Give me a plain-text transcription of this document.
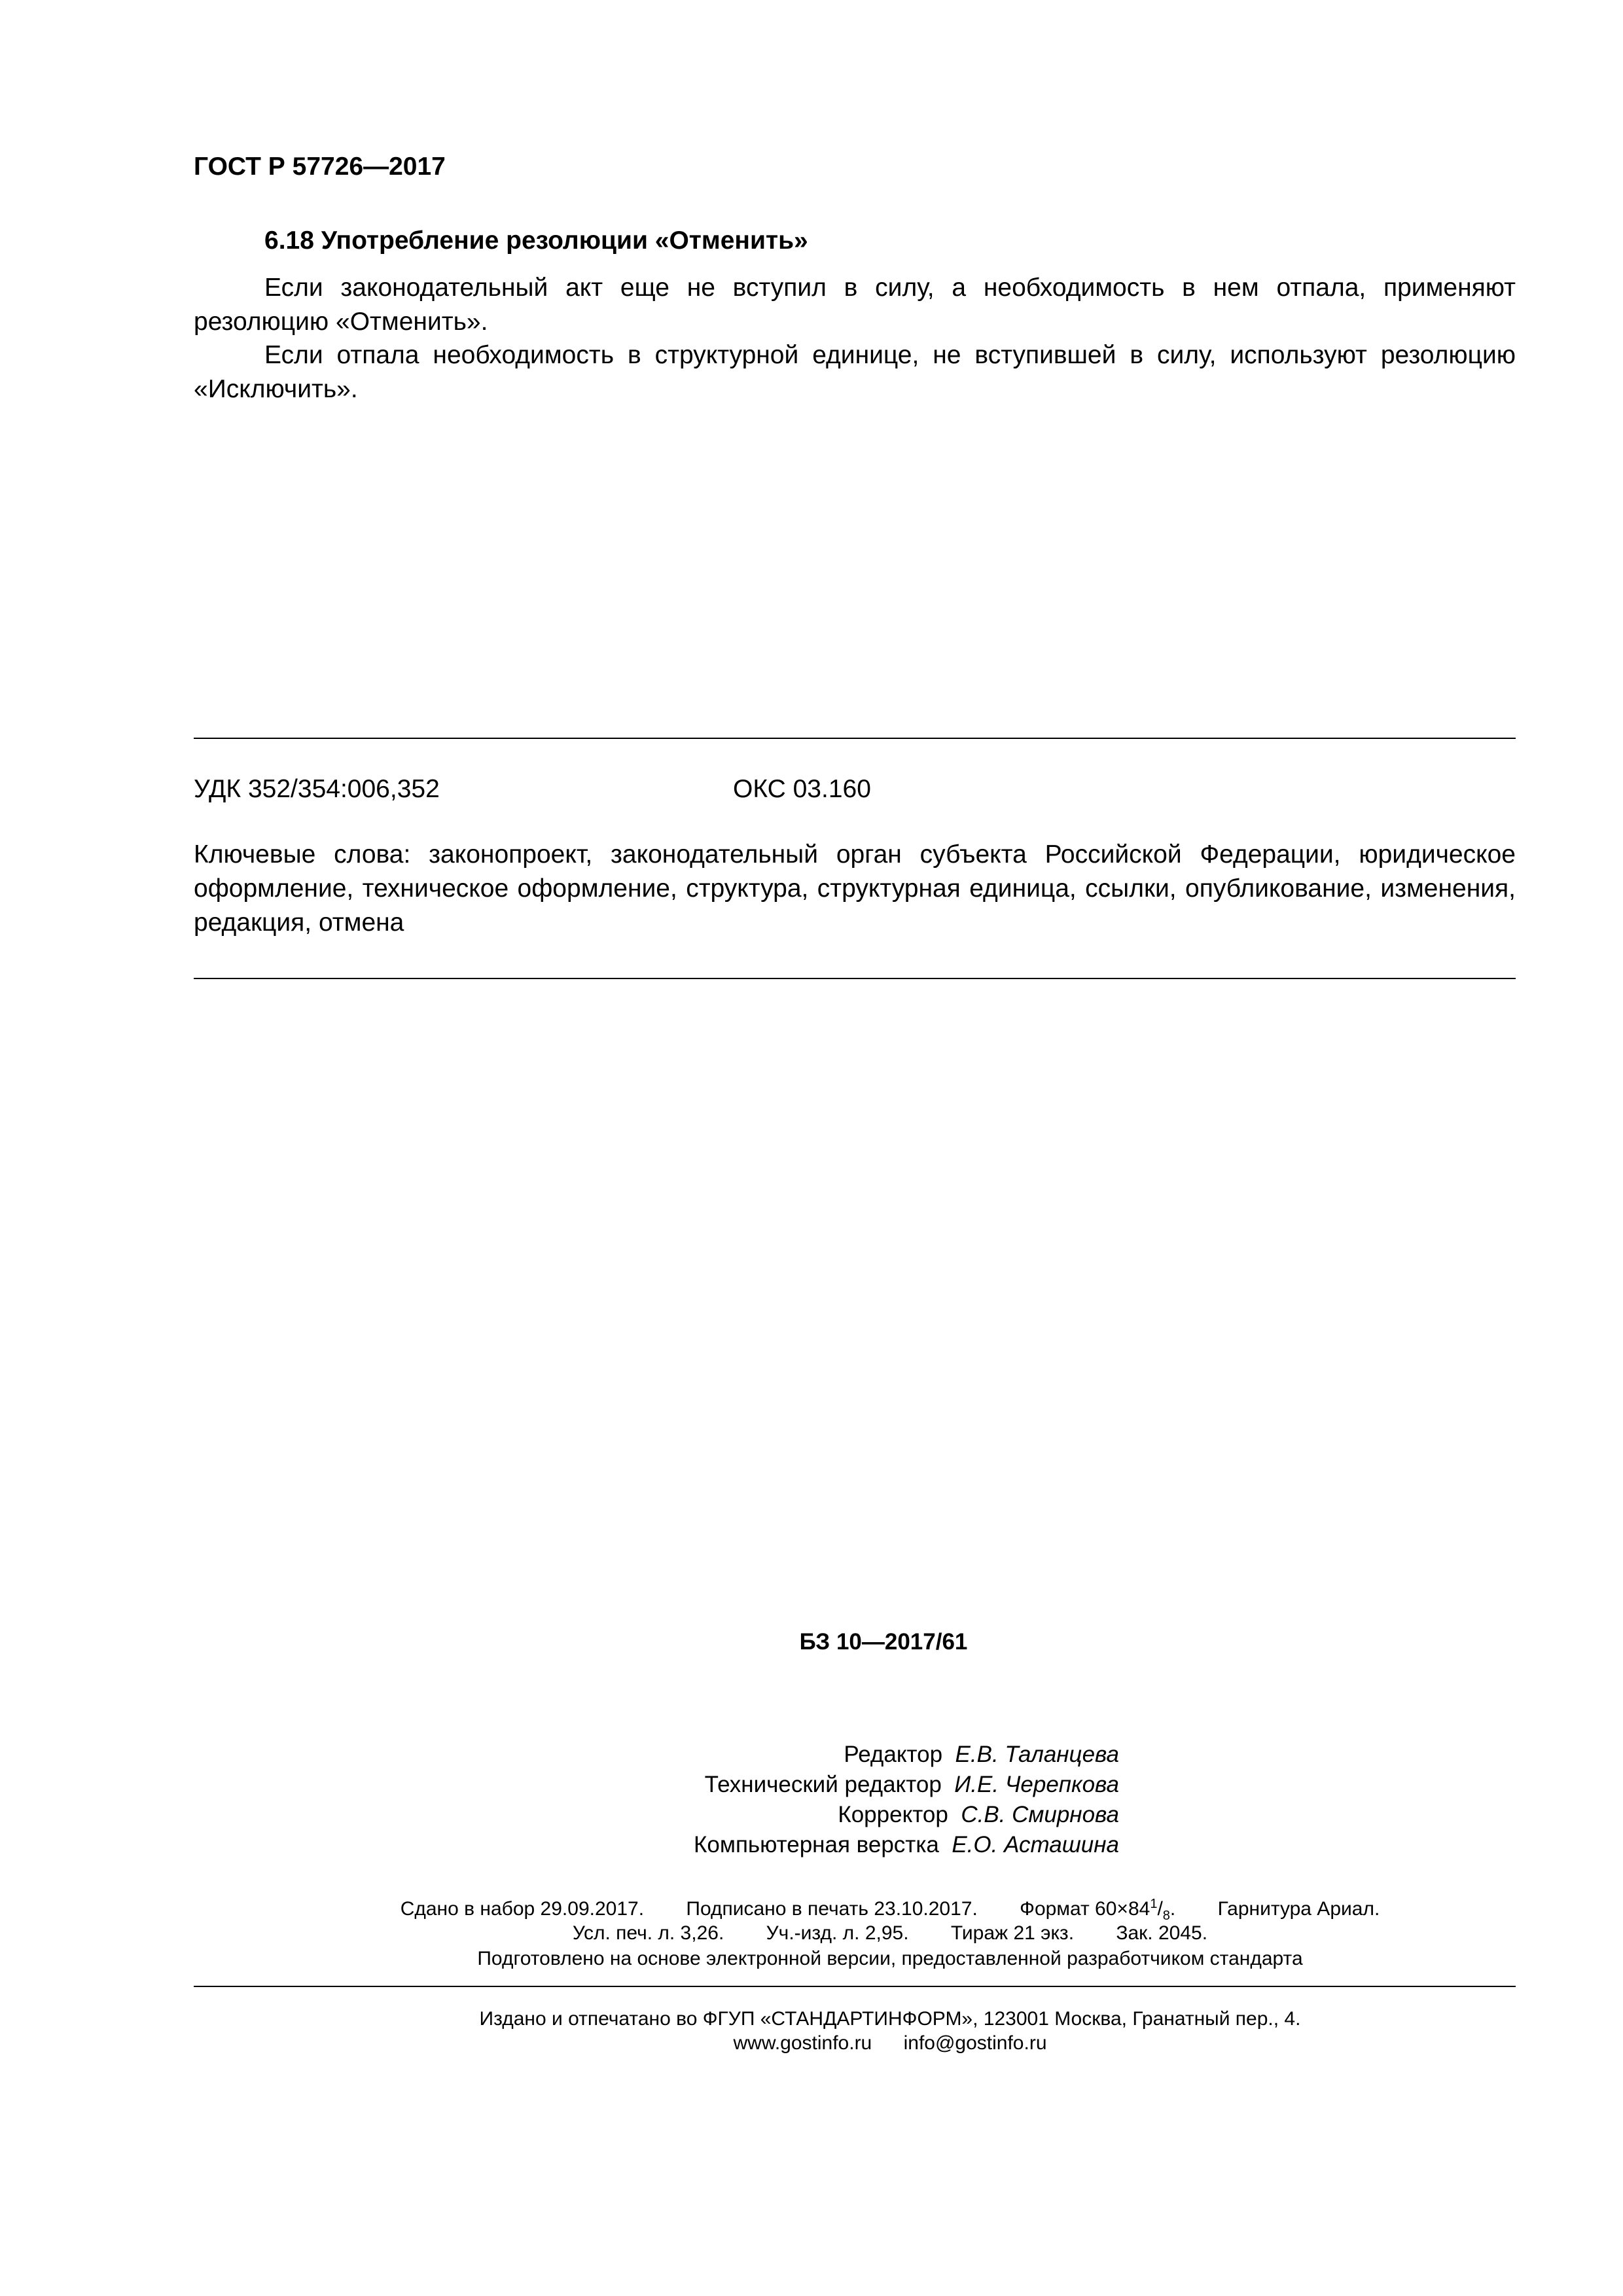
ГОСТ Р 57726—2017
6.18 Употребление резолюции «Отменить»
Если законодательный акт еще не вступил в силу, а необходимость в нем отпала, применяют резолюцию «Отменить».
Если отпала необходимость в структурной единице, не вступившей в силу, используют резолюцию «Исключить».
УДК 352/354:006,352	ОКС 03.160
Ключевые слова: законопроект, законодательный орган субъекта Российской Федерации, юридическое оформление, техническое оформление, структура, структурная единица, ссылки, опубликование, изменения, редакция, отмена
БЗ 10—2017/61
Редактор Е.В. Таланцева
Технический редактор И.Е. Черепкова
Корректор С.В. Смирнова
Компьютерная верстка Е.О. Асташина
Сдано в набор 29.09.2017. Подписано в печать 23.10.2017. Формат $60\times 84^1/_8$. Гарнитура Ариал.
Усл. печ. л. 3,26. Уч.-изд. л. 2,95. Тираж 21 экз. Зак. 2045.
Подготовлено на основе электронной версии, предоставленной разработчиком стандарта
Издано и отпечатано во ФГУП «СТАНДАРТИНФОРМ», 123001 Москва, Гранатный пер., 4.
www.gostinfo.ru info@gostinfo.ru
